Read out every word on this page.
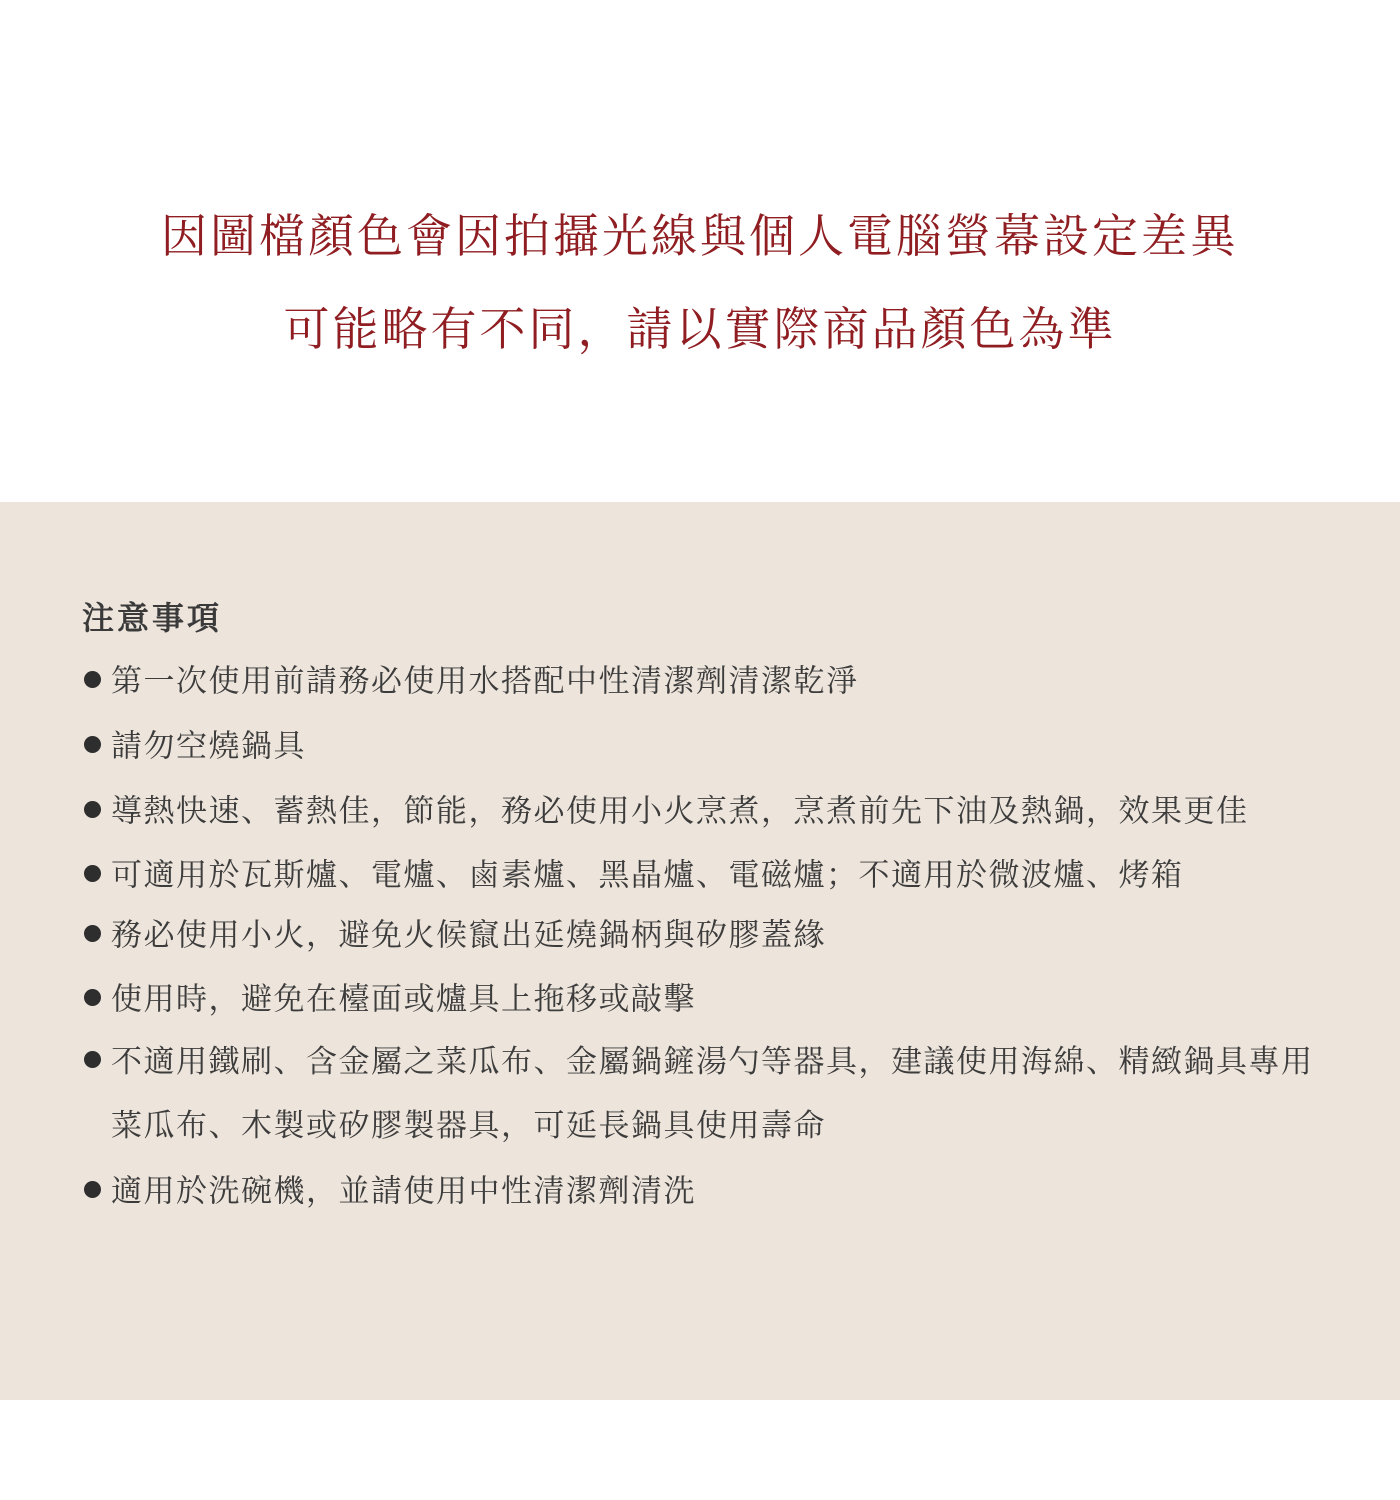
因圖檔顏色會因拍攝光線與個人電腦螢幕設定差異
可能略有不同，請以實際商品顏色為準
注意事項
第一次使用前請務必使用水搭配中性清潔劑清潔乾淨
請勿空燒鍋具
導熱快速、蓄熱佳，節能，務必使用小火烹煮，烹煮前先下油及熱鍋，效果更佳
可適用於瓦斯爐、電爐、鹵素爐、黑晶爐、電磁爐；不適用於微波爐、烤箱
務必使用小火，避免火候竄出延燒鍋柄與矽膠蓋緣
使用時，避免在檯面或爐具上拖移或敲擊
不適用鐵刷、含金屬之菜瓜布、金屬鍋鏟湯勺等器具，建議使用海綿、精緻鍋具專用菜瓜布、木製或矽膠製器具，可延長鍋具使用壽命
適用於洗碗機，並請使用中性清潔劑清洗
